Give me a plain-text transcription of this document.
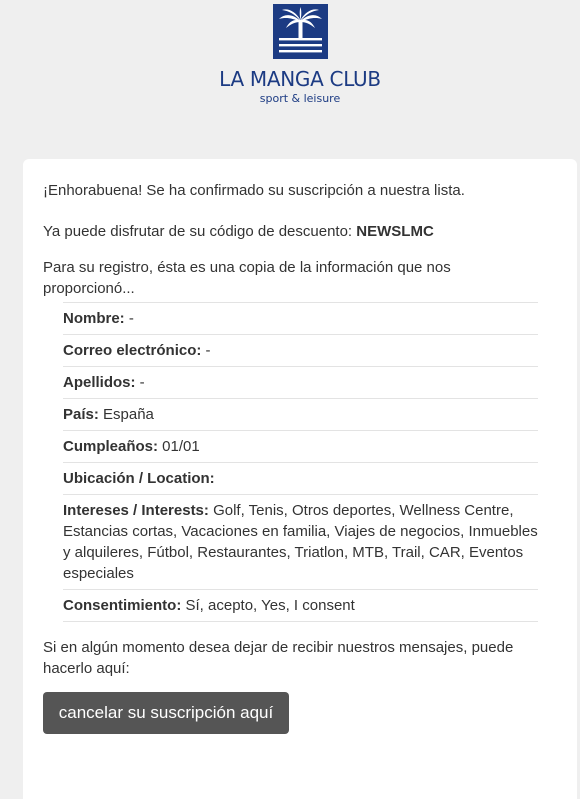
LA MANGA CLUB
sport & leisure

¡Enhorabuena! Se ha confirmado su suscripción a nuestra lista.

Ya puede disfrutar de su código de descuento: NEWSLMC

Para su registro, ésta es una copia de la información que nos proporcionó...

Nombre: -
Correo electrónico: -
Apellidos: -
País: España
Cumpleaños: 01/01
Ubicación / Location:
Intereses / Interests: Golf, Tenis, Otros deportes, Wellness Centre, Estancias cortas, Vacaciones en familia, Viajes de negocios, Inmuebles y alquileres, Fútbol, Restaurantes, Triatlon, MTB, Trail, CAR, Eventos especiales
Consentimiento: Sí, acepto, Yes, I consent

Si en algún momento desea dejar de recibir nuestros mensajes, puede hacerlo aquí:

cancelar su suscripción aquí
